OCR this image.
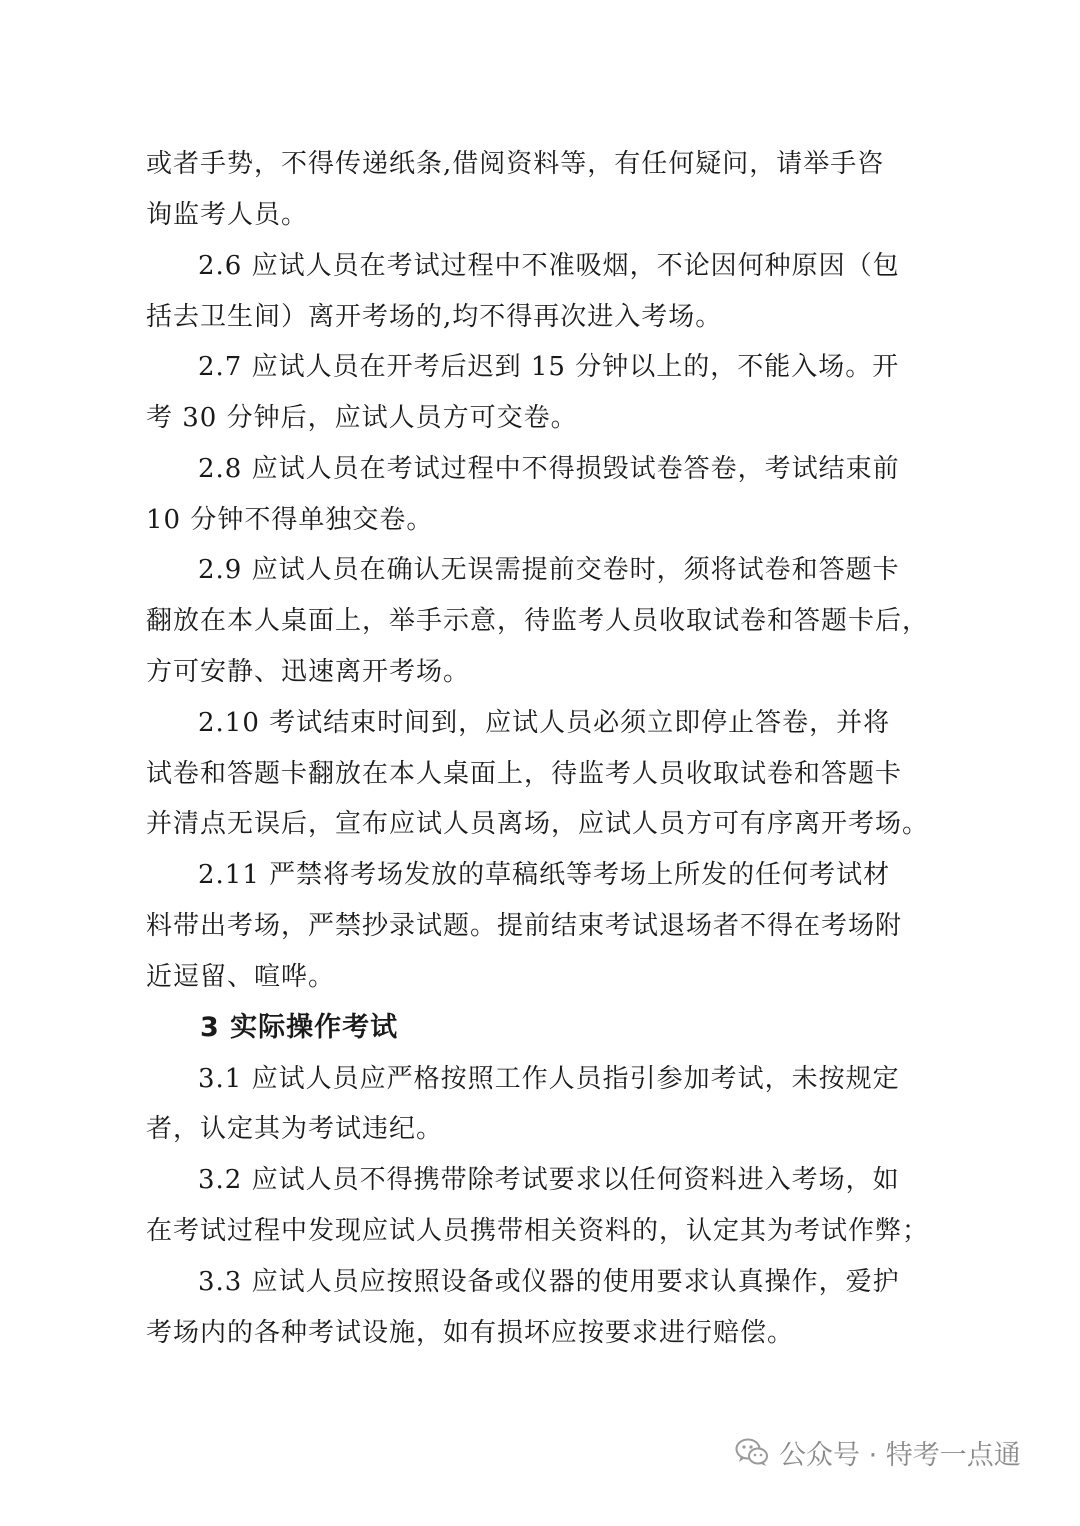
或者手势，不得传递纸条,借阅资料等，有任何疑问，请举手咨
询监考人员。
2.6 应试人员在考试过程中不准吸烟，不论因何种原因（包
括去卫生间）离开考场的,均不得再次进入考场。
2.7 应试人员在开考后迟到 15 分钟以上的，不能入场。开
考 30 分钟后，应试人员方可交卷。
2.8 应试人员在考试过程中不得损毁试卷答卷，考试结束前
10 分钟不得单独交卷。
2.9 应试人员在确认无误需提前交卷时，须将试卷和答题卡
翻放在本人桌面上，举手示意，待监考人员收取试卷和答题卡后，
方可安静、迅速离开考场。
2.10 考试结束时间到，应试人员必须立即停止答卷，并将
试卷和答题卡翻放在本人桌面上，待监考人员收取试卷和答题卡
并清点无误后，宣布应试人员离场，应试人员方可有序离开考场。
2.11 严禁将考场发放的草稿纸等考场上所发的任何考试材
料带出考场，严禁抄录试题。提前结束考试退场者不得在考场附
近逗留、喧哗。
3 实际操作考试
3.1 应试人员应严格按照工作人员指引参加考试，未按规定
者，认定其为考试违纪。
3.2 应试人员不得携带除考试要求以任何资料进入考场，如
在考试过程中发现应试人员携带相关资料的，认定其为考试作弊；
3.3 应试人员应按照设备或仪器的使用要求认真操作，爱护
考场内的各种考试设施，如有损坏应按要求进行赔偿。
公众号 · 特考一点通
